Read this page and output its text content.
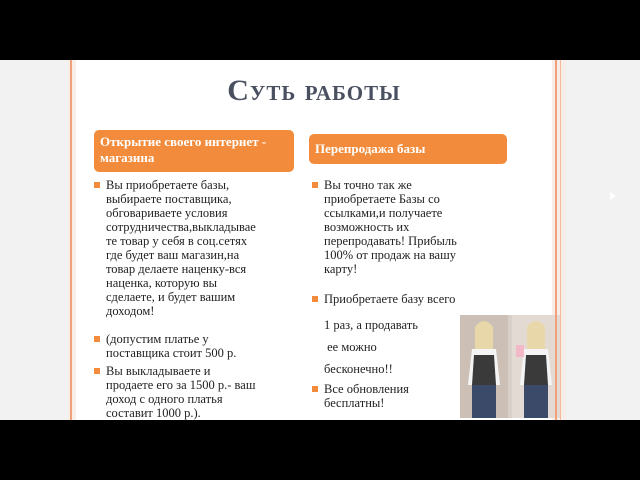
Суть работы
Открытие своего интернет - магазина
Перепродажа базы
Вы приобретаете базы,
выбираете поставщика,
обговариваете условия
сотрудничества,выкладывае
те товар у себя в соц.сетях
где будет ваш магазин,на
товар делаете наценку-вся
наценка, которую вы
сделаете, и будет вашим
доходом!
(допустим платье у
поставщика стоит 500 р.
Вы выкладываете и
продаете его за 1500 р.- ваш
доход с одного платья
составит 1000 р.).
Вы точно так же
приобретаете Базы со
ссылками,и получаете
возможность их
перепродавать! Прибыль
100% от продаж на вашу
карту!
Приобретаете базу всего
1 раз, а продавать
ее можно
бесконечно!!
Все обновления
бесплатны!
